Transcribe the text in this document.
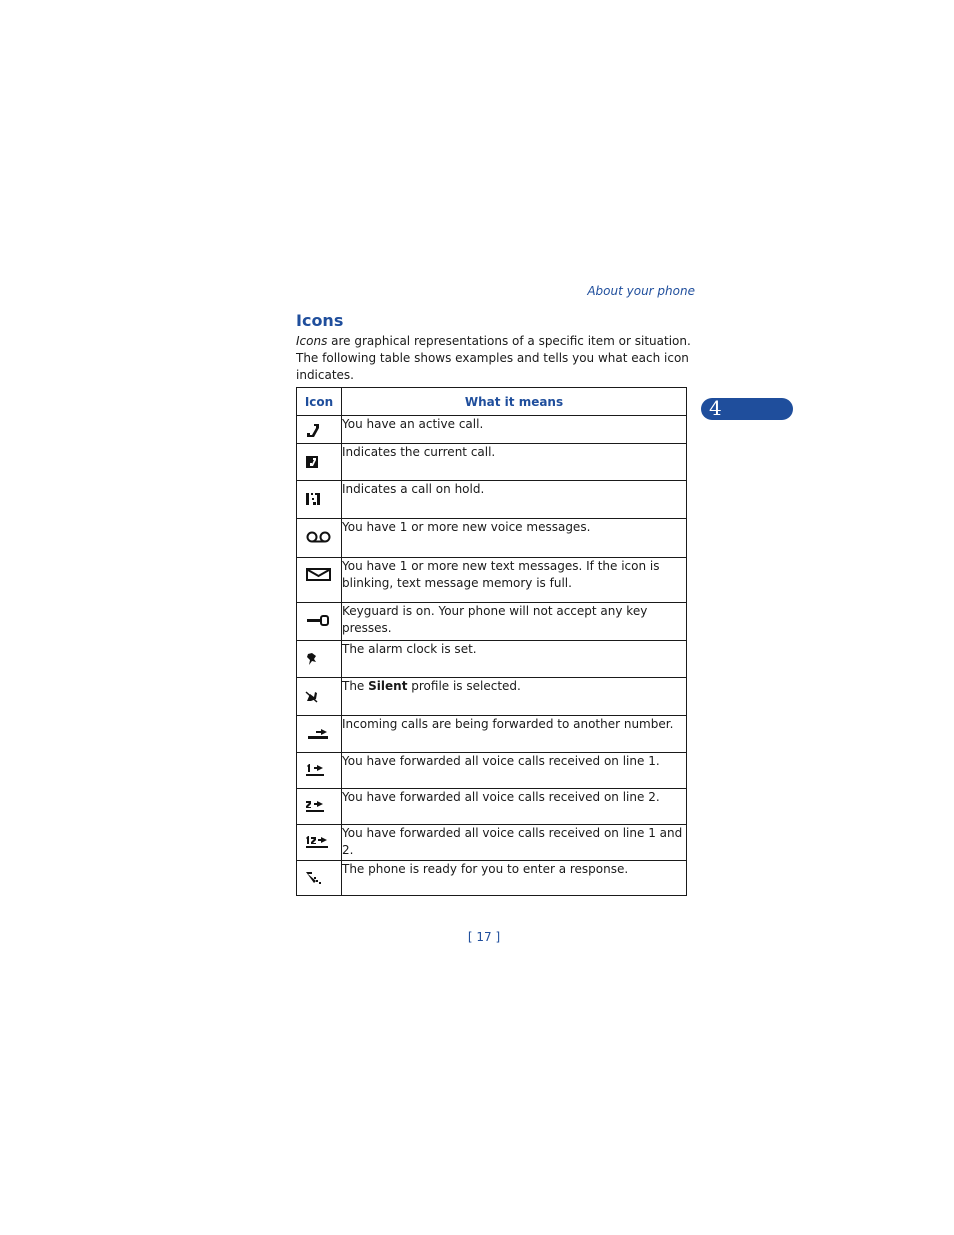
About your phone
Icons

Icons are graphical representations of a specific item or situation. The following table shows examples and tells you what each icon indicates.

4
Icon	What it means

	You have an active call.

	Indicates the current call.

	Indicates a call on hold.

	You have 1 or more new voice messages.

	You have 1 or more new text messages. If the icon is blinking, text message memory is full.

	Keyguard is on. Your phone will not accept any key presses.

	The alarm clock is set.

	The Silent profile is selected.

	Incoming calls are being forwarded to another number.

	You have forwarded all voice calls received on line 1.

	You have forwarded all voice calls received on line 2.

	You have forwarded all voice calls received on line 1 and 2.

	The phone is ready for you to enter a response.
[ 17 ]
